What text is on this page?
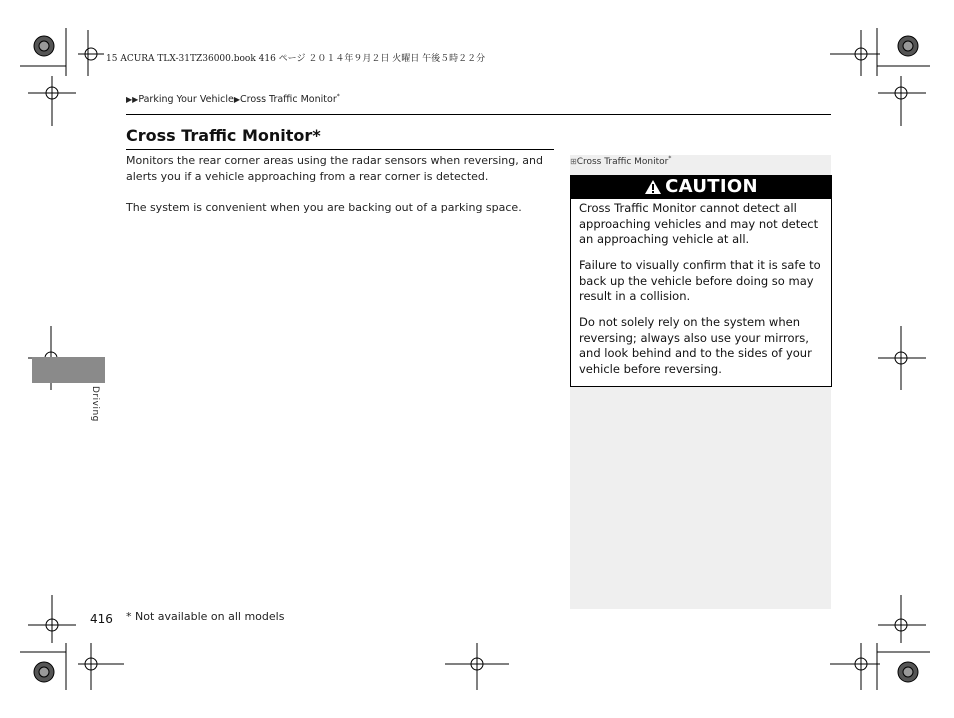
15 ACURA TLX-31TZ36000.book 416 ページ ２０１４年９月２日 火曜日 午後５時２２分
▶▶Parking Your Vehicle▶Cross Traffic Monitor*
Cross Traffic Monitor*
Monitors the rear corner areas using the radar sensors when reversing, and alerts you if a vehicle approaching from a rear corner is detected.
The system is convenient when you are backing out of a parking space.
⊞Cross Traffic Monitor*
CAUTION
Cross Traffic Monitor cannot detect all approaching vehicles and may not detect an approaching vehicle at all.
Failure to visually confirm that it is safe to back up the vehicle before doing so may result in a collision.
Do not solely rely on the system when reversing; always also use your mirrors, and look behind and to the sides of your vehicle before reversing.
Driving
416 * Not available on all models
